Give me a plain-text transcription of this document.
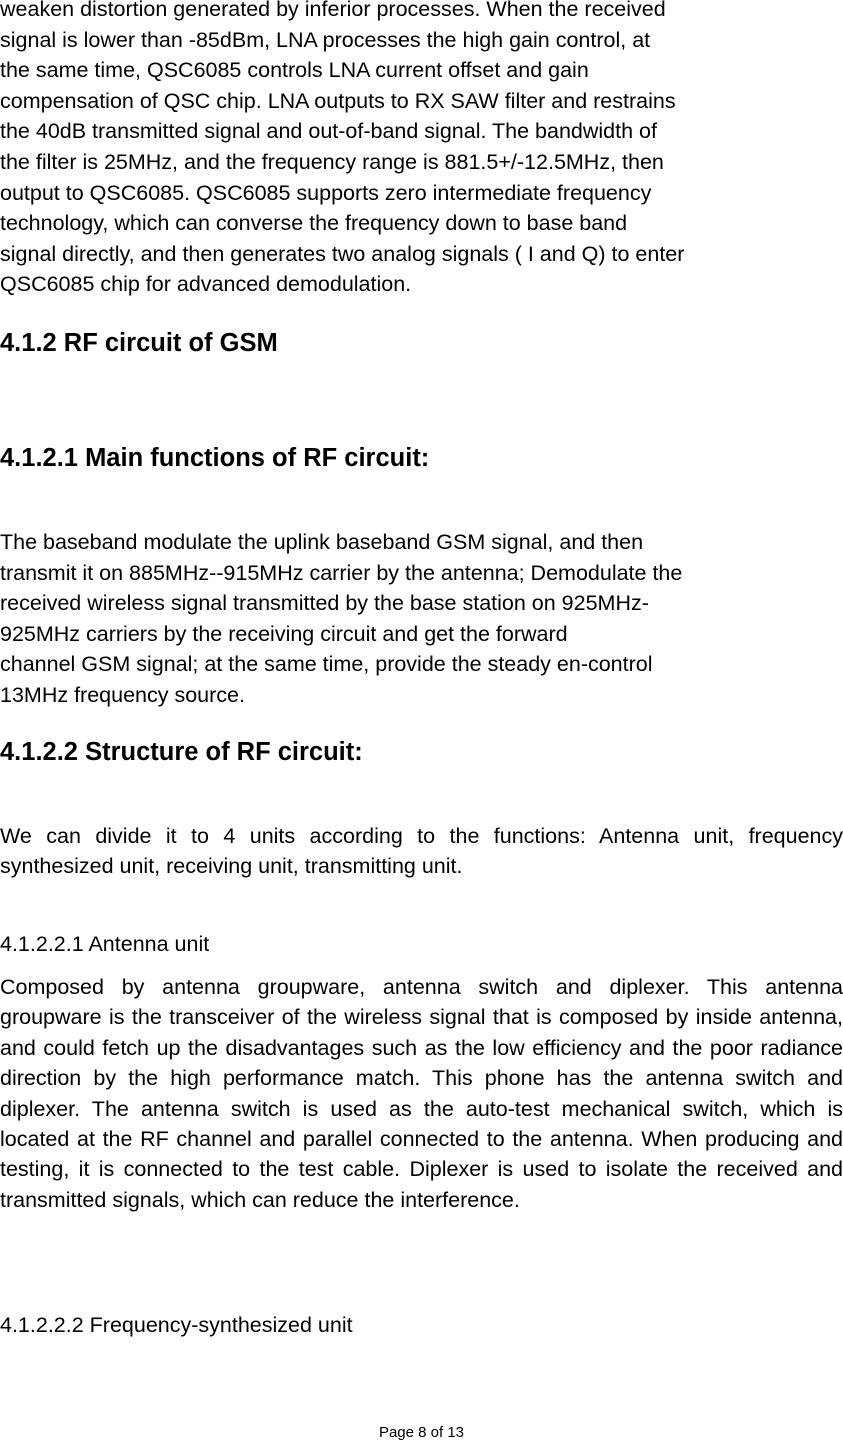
weaken distortion generated by inferior processes. When the received
signal is lower than -85dBm, LNA processes the high gain control, at
the same time, QSC6085 controls LNA current offset and gain
compensation of QSC chip. LNA outputs to RX SAW filter and restrains
the 40dB transmitted signal and out-of-band signal. The bandwidth of
the filter is 25MHz, and the frequency range is 881.5+/-12.5MHz, then
output to QSC6085. QSC6085 supports zero intermediate frequency
technology, which can converse the frequency down to base band
signal directly, and then generates two analog signals ( I and Q) to enter
QSC6085 chip for advanced demodulation.
4.1.2 RF circuit of GSM
4.1.2.1 Main functions of RF circuit:
The baseband modulate the uplink baseband GSM signal, and then
transmit it on 885MHz--915MHz carrier by the antenna; Demodulate the
received wireless signal transmitted by the base station on 925MHz-
925MHz carriers by the receiving circuit and get the forward
channel GSM signal; at the same time, provide the steady en-control
13MHz frequency source.
4.1.2.2 Structure of RF circuit:
We can divide it to 4 units according to the functions: Antenna unit, frequency synthesized unit, receiving unit, transmitting unit.
4.1.2.2.1 Antenna unit
Composed by antenna groupware, antenna switch and diplexer. This antenna groupware is the transceiver of the wireless signal that is composed by inside antenna, and could fetch up the disadvantages such as the low efficiency and the poor radiance direction by the high performance match. This phone has the antenna switch and diplexer. The antenna switch is used as the auto-test mechanical switch, which is located at the RF channel and parallel connected to the antenna. When producing and testing, it is connected to the test cable. Diplexer is used to isolate the received and transmitted signals, which can reduce the interference.
4.1.2.2.2 Frequency-synthesized unit
Page 8 of 13
